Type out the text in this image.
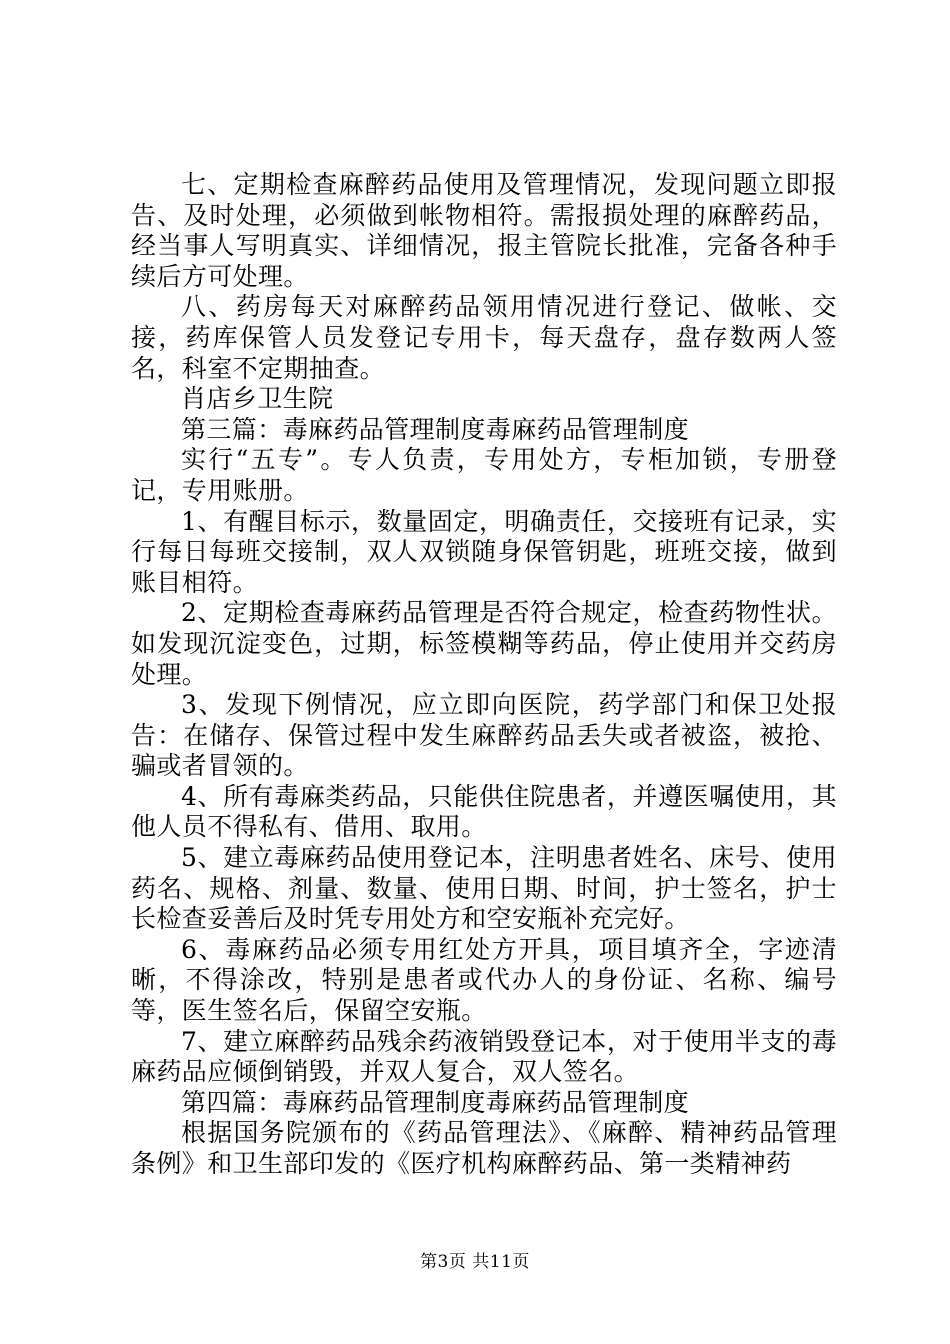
七、定期检查麻醉药品使用及管理情况，发现问题立即报告、及时处理，必须做到帐物相符。需报损处理的麻醉药品，经当事人写明真实、详细情况，报主管院长批准，完备各种手续后方可处理。

八、药房每天对麻醉药品领用情况进行登记、做帐、交接，药库保管人员发登记专用卡，每天盘存，盘存数两人签名，科室不定期抽查。

肖店乡卫生院

第三篇：毒麻药品管理制度毒麻药品管理制度

实行“五专”。专人负责，专用处方，专柜加锁，专册登记，专用账册。

1、有醒目标示，数量固定，明确责任，交接班有记录，实行每日每班交接制，双人双锁随身保管钥匙，班班交接，做到账目相符。

2、定期检查毒麻药品管理是否符合规定，检查药物性状。如发现沉淀变色，过期，标签模糊等药品，停止使用并交药房处理。

3、发现下例情况，应立即向医院，药学部门和保卫处报告：在储存、保管过程中发生麻醉药品丢失或者被盗，被抢、骗或者冒领的。

4、所有毒麻类药品，只能供住院患者，并遵医嘱使用，其他人员不得私有、借用、取用。

5、建立毒麻药品使用登记本，注明患者姓名、床号、使用药名、规格、剂量、数量、使用日期、时间，护士签名，护士长检查妥善后及时凭专用处方和空安瓶补充完好。

6、毒麻药品必须专用红处方开具，项目填齐全，字迹清晰，不得涂改，特别是患者或代办人的身份证、名称、编号等，医生签名后，保留空安瓶。

7、建立麻醉药品残余药液销毁登记本，对于使用半支的毒麻药品应倾倒销毁，并双人复合，双人签名。

第四篇：毒麻药品管理制度毒麻药品管理制度

根据国务院颁布的《药品管理法》、《麻醉、精神药品管理条例》和卫生部印发的《医疗机构麻醉药品、第一类精神药

第3页 共11页
